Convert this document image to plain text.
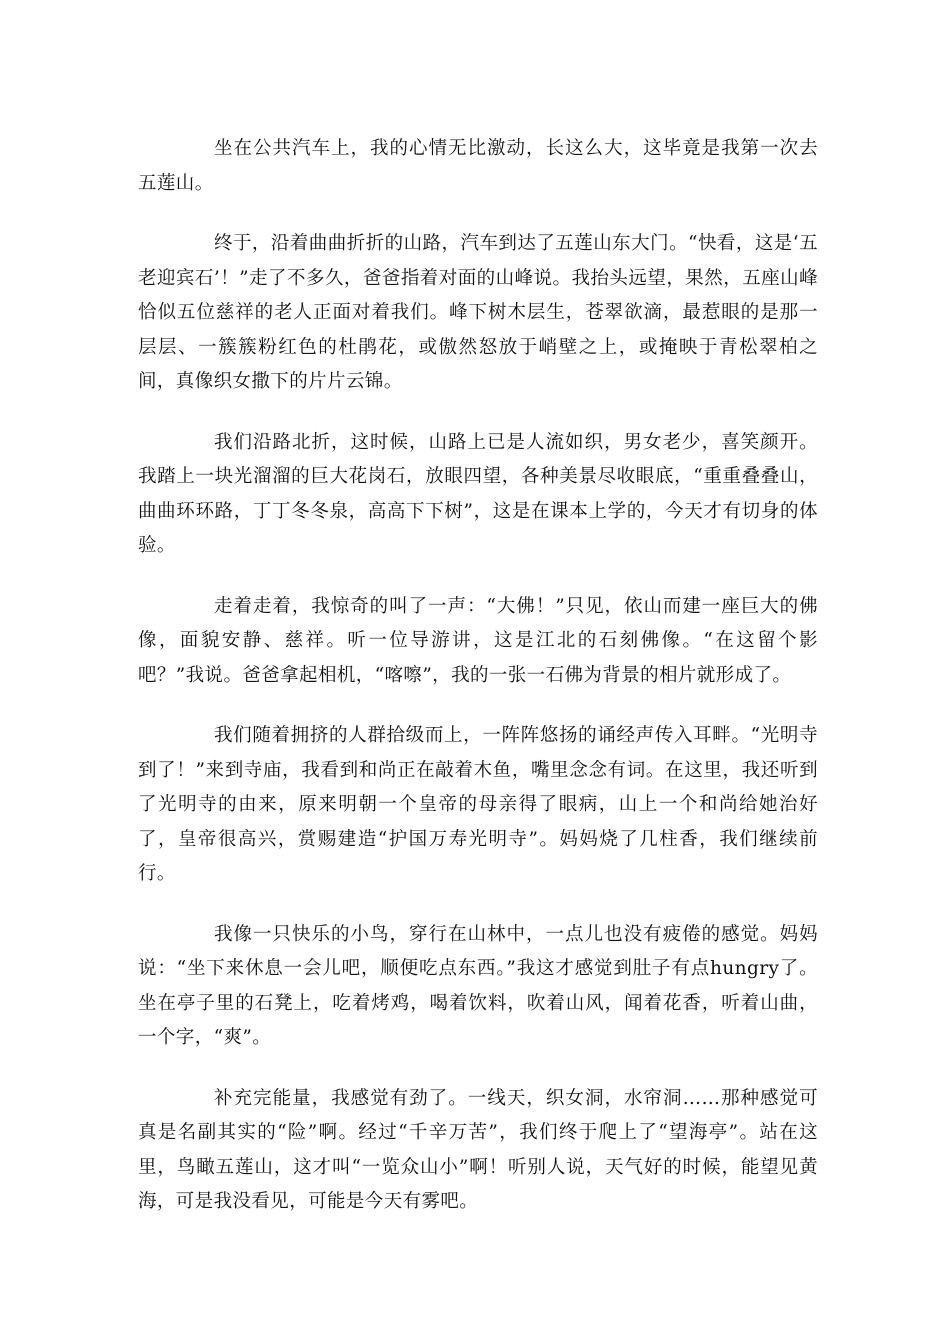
坐在公共汽车上，我的心情无比激动，长这么大，这毕竟是我第一次去五莲山。

终于，沿着曲曲折折的山路，汽车到达了五莲山东大门。“快看，这是‘五老迎宾石’！”走了不多久，爸爸指着对面的山峰说。我抬头远望，果然，五座山峰恰似五位慈祥的老人正面对着我们。峰下树木层生，苍翠欲滴，最惹眼的是那一层层、一簇簇粉红色的杜鹃花，或傲然怒放于峭壁之上，或掩映于青松翠柏之间，真像织女撒下的片片云锦。

我们沿路北折，这时候，山路上已是人流如织，男女老少，喜笑颜开。我踏上一块光溜溜的巨大花岗石，放眼四望，各种美景尽收眼底，“重重叠叠山，曲曲环环路，丁丁冬冬泉，高高下下树”，这是在课本上学的，今天才有切身的体验。

走着走着，我惊奇的叫了一声：“大佛！”只见，依山而建一座巨大的佛像，面貌安静、慈祥。听一位导游讲，这是江北的石刻佛像。“在这留个影吧？”我说。爸爸拿起相机，“喀嚓”，我的一张一石佛为背景的相片就形成了。

我们随着拥挤的人群拾级而上，一阵阵悠扬的诵经声传入耳畔。“光明寺到了！”来到寺庙，我看到和尚正在敲着木鱼，嘴里念念有词。在这里，我还听到了光明寺的由来，原来明朝一个皇帝的母亲得了眼病，山上一个和尚给她治好了，皇帝很高兴，赏赐建造“护国万寿光明寺”。妈妈烧了几柱香，我们继续前行。

我像一只快乐的小鸟，穿行在山林中，一点儿也没有疲倦的感觉。妈妈说：“坐下来休息一会儿吧，顺便吃点东西。”我这才感觉到肚子有点hungry了。坐在亭子里的石凳上，吃着烤鸡，喝着饮料，吹着山风，闻着花香，听着山曲，一个字，“爽”。

补充完能量，我感觉有劲了。一线天，织女洞，水帘洞……那种感觉可真是名副其实的“险”啊。经过“千辛万苦”，我们终于爬上了“望海亭”。站在这里，鸟瞰五莲山，这才叫“一览众山小”啊！听别人说，天气好的时候，能望见黄海，可是我没看见，可能是今天有雾吧。
